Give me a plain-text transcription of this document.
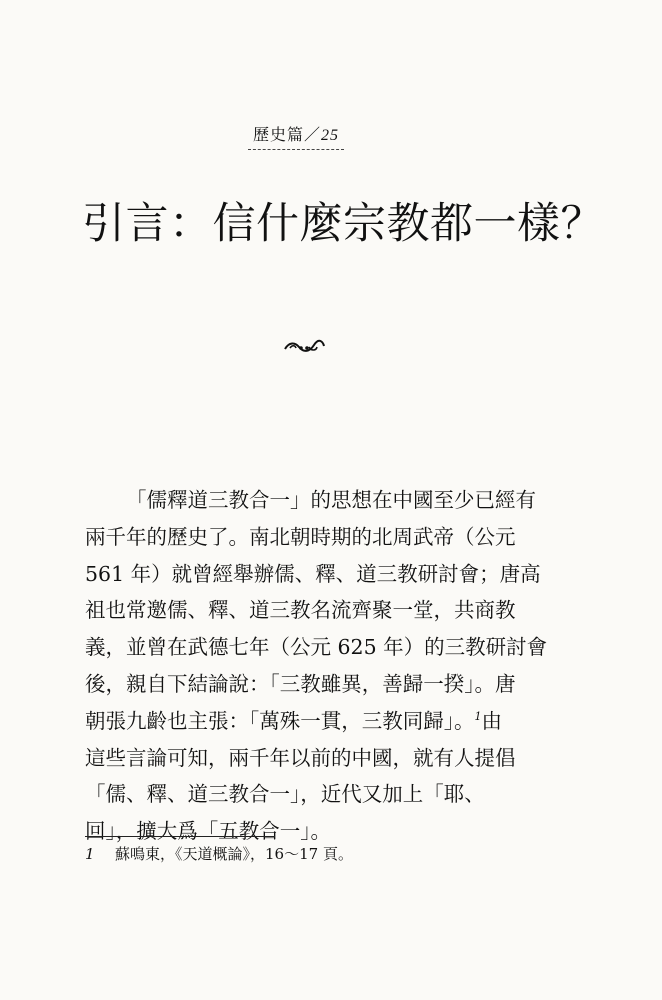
歷史篇／25
引言：信什麼宗教都一樣？
「儒釋道三教合一」的思想在中國至少已經有
兩千年的歷史了。南北朝時期的北周武帝（公元
561 年）就曾經舉辦儒、釋、道三教研討會；唐高
祖也常邀儒、釋、道三教名流齊聚一堂，共商教
義，並曾在武德七年（公元 625 年）的三教研討會
後，親自下結論說：「三教雖異，善歸一揆」。唐
朝張九齡也主張：「萬殊一貫，三教同歸」。$^1$由
這些言論可知，兩千年以前的中國，就有人提倡
「儒、釋、道三教合一」，近代又加上「耶、
回」，擴大爲「五教合一」。
1 蘇鳴東，《天道概論》，16～17 頁。
